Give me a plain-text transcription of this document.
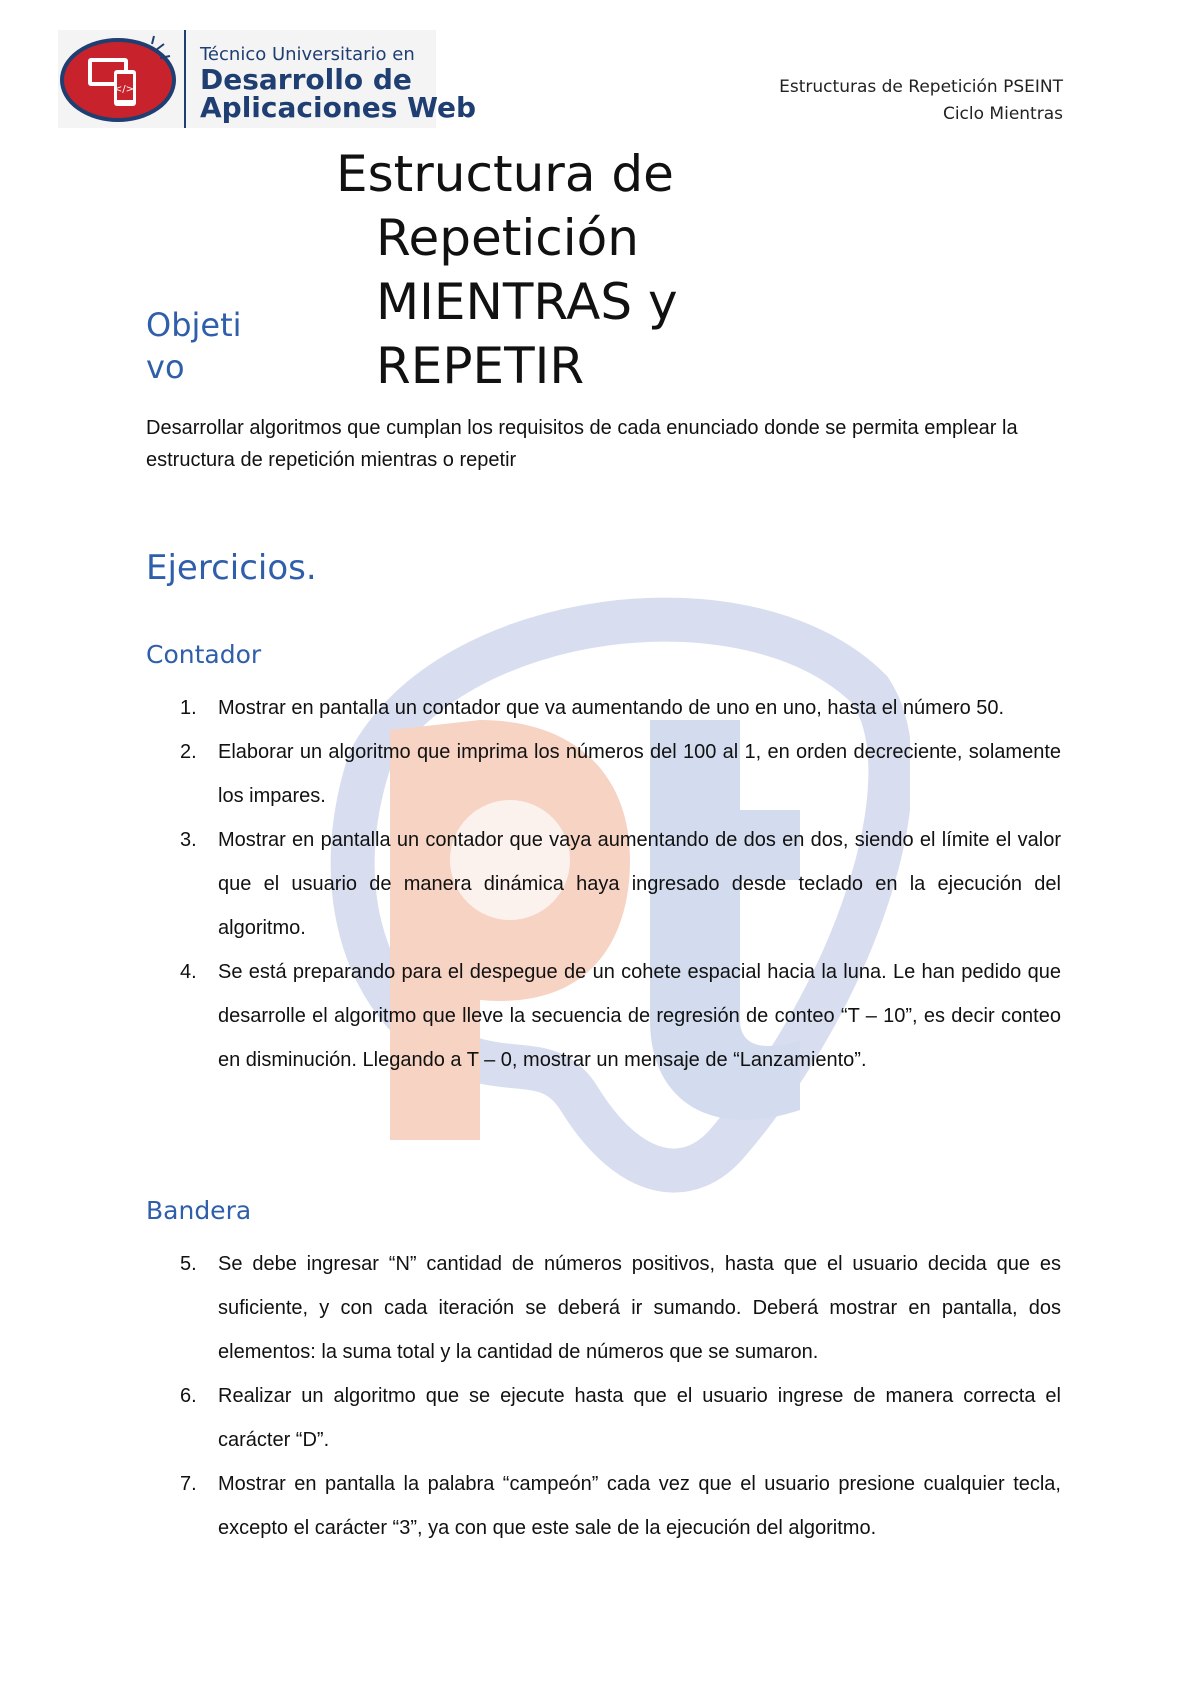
</>
Técnico Universitario en
Desarrollo de
Aplicaciones Web
Estructuras de Repetición PSEINT
Ciclo Mientras
Estructura de
Repetición
MIENTRAS y
REPETIR
Objeti
vo
Desarrollar algoritmos que cumplan los requisitos de cada enunciado donde se permita emplear la estructura de repetición mientras o repetir
Ejercicios.
Contador
1. Mostrar en pantalla un contador que va aumentando de uno en uno, hasta el número 50.
2. Elaborar un algoritmo que imprima los números del 100 al 1, en orden decreciente, solamente los impares.
3. Mostrar en pantalla un contador que vaya aumentando de dos en dos, siendo el límite el valor que el usuario de manera dinámica haya ingresado desde teclado en la ejecución del algoritmo.
4. Se está preparando para el despegue de un cohete espacial hacia la luna. Le han pedido que desarrolle el algoritmo que lleve la secuencia de regresión de conteo “T – 10”, es decir conteo en disminución. Llegando a T – 0, mostrar un mensaje de “Lanzamiento”.
Bandera
5. Se debe ingresar “N” cantidad de números positivos, hasta que el usuario decida que es suficiente, y con cada iteración se deberá ir sumando. Deberá mostrar en pantalla, dos elementos: la suma total y la cantidad de números que se sumaron.
6. Realizar un algoritmo que se ejecute hasta que el usuario ingrese de manera correcta el carácter “D”.
7. Mostrar en pantalla la palabra “campeón” cada vez que el usuario presione cualquier tecla, excepto el carácter “3”, ya con que este sale de la ejecución del algoritmo.
